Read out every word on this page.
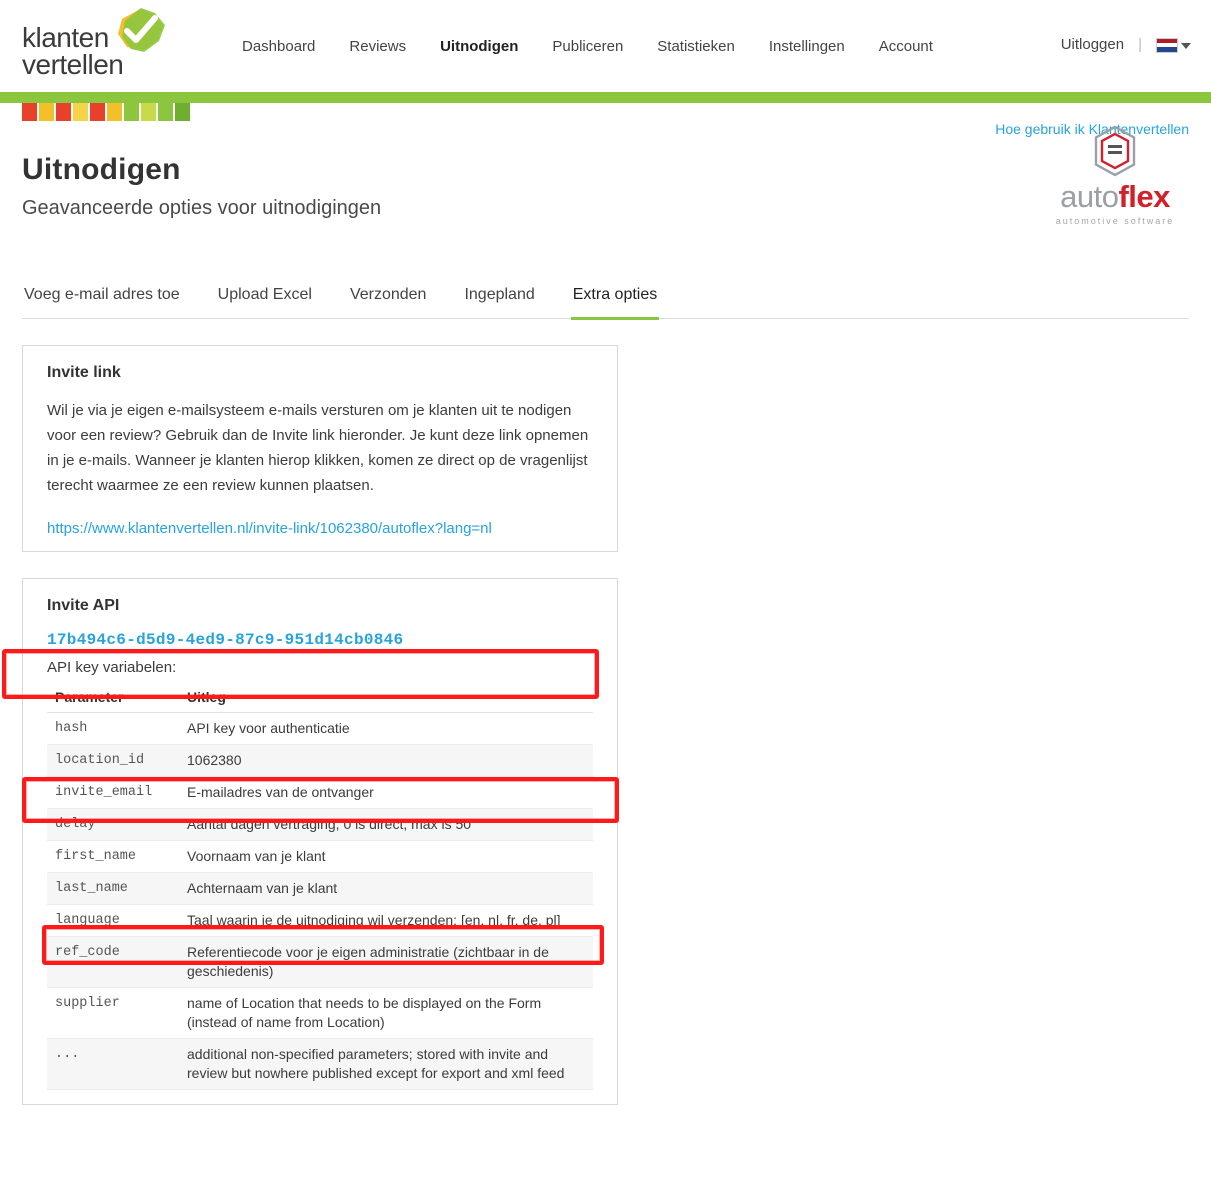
klanten
vertellen
Dashboard Reviews Uitnodigen Publiceren Statistieken Instellingen Account	Uitloggen |
Hoe gebruik ik Klantenvertellen
Uitnodigen
Geavanceerde opties voor uitnodigingen	autoflex
automotive software
Voeg e-mail adres toe Upload Excel Verzonden Ingepland Extra opties
Invite link

Wil je via je eigen e-mailsysteem e-mails versturen om je klanten uit te nodigen voor een review? Gebruik dan de Invite link hieronder. Je kunt deze link opnemen in je e-mails. Wanneer je klanten hierop klikken, komen ze direct op de vragenlijst terecht waarmee ze een review kunnen plaatsen.

https://www.klantenvertellen.nl/invite-link/1062380/autoflex?lang=nl
Invite API
17b494c6-d5d9-4ed9-87c9-951d14cb0846
API key variabelen:
Parameter	Uitleg
hash	API key voor authenticatie
location_id	1062380
invite_email	E-mailadres van de ontvanger
delay	Aantal dagen vertraging, 0 is direct, max is 50
first_name	Voornaam van je klant
last_name	Achternaam van je klant
language	Taal waarin je de uitnodiging wil verzenden: [en, nl, fr, de, pl]
ref_code	Referentiecode voor je eigen administratie (zichtbaar in de geschiedenis)
supplier	name of Location that needs to be displayed on the Form (instead of name from Location)
...	additional non-specified parameters; stored with invite and review but nowhere published except for export and xml feed
